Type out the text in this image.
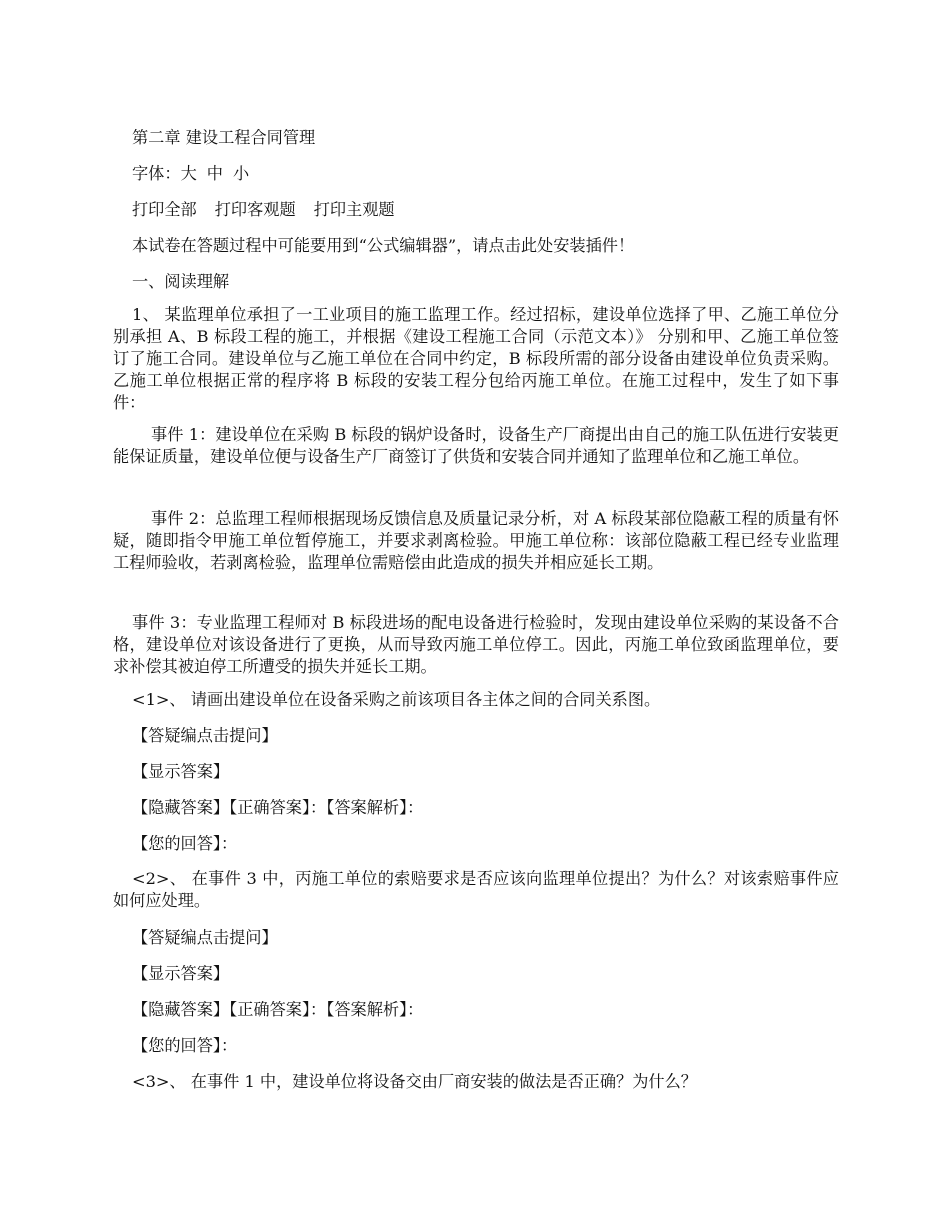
第二章 建设工程合同管理
字体：大 中 小
打印全部 打印客观题 打印主观题
本试卷在答题过程中可能要用到“公式编辑器”，请点击此处安装插件！
一、阅读理解

1、 某监理单位承担了一工业项目的施工监理工作。经过招标，建设单位选择了甲、乙施工单位分别承担 A、B 标段工程的施工，并根据《建设工程施工合同（示范文本）》 分别和甲、乙施工单位签订了施工合同。建设单位与乙施工单位在合同中约定，B 标段所需的部分设备由建设单位负责采购。乙施工单位根据正常的程序将 B 标段的安装工程分包给丙施工单位。在施工过程中，发生了如下事件：

事件 1：建设单位在采购 B 标段的锅炉设备时，设备生产厂商提出由自己的施工队伍进行安装更能保证质量，建设单位便与设备生产厂商签订了供货和安装合同并通知了监理单位和乙施工单位。

事件 2：总监理工程师根据现场反馈信息及质量记录分析，对 A 标段某部位隐蔽工程的质量有怀疑，随即指令甲施工单位暂停施工，并要求剥离检验。甲施工单位称：该部位隐蔽工程已经专业监理工程师验收，若剥离检验，监理单位需赔偿由此造成的损失并相应延长工期。

事件 3：专业监理工程师对 B 标段进场的配电设备进行检验时，发现由建设单位采购的某设备不合格，建设单位对该设备进行了更换，从而导致丙施工单位停工。因此，丙施工单位致函监理单位，要求补偿其被迫停工所遭受的损失并延长工期。

<1>、 请画出建设单位在设备采购之前该项目各主体之间的合同关系图。
【答疑编点击提问】
【显示答案】
【隐藏答案】【正确答案】：【答案解析】：
【您的回答】：

<2>、 在事件 3 中，丙施工单位的索赔要求是否应该向监理单位提出？为什么？对该索赔事件应如何应处理。

【答疑编点击提问】
【显示答案】
【隐藏答案】【正确答案】：【答案解析】：
【您的回答】：
<3>、 在事件 1 中，建设单位将设备交由厂商安装的做法是否正确？为什么？
